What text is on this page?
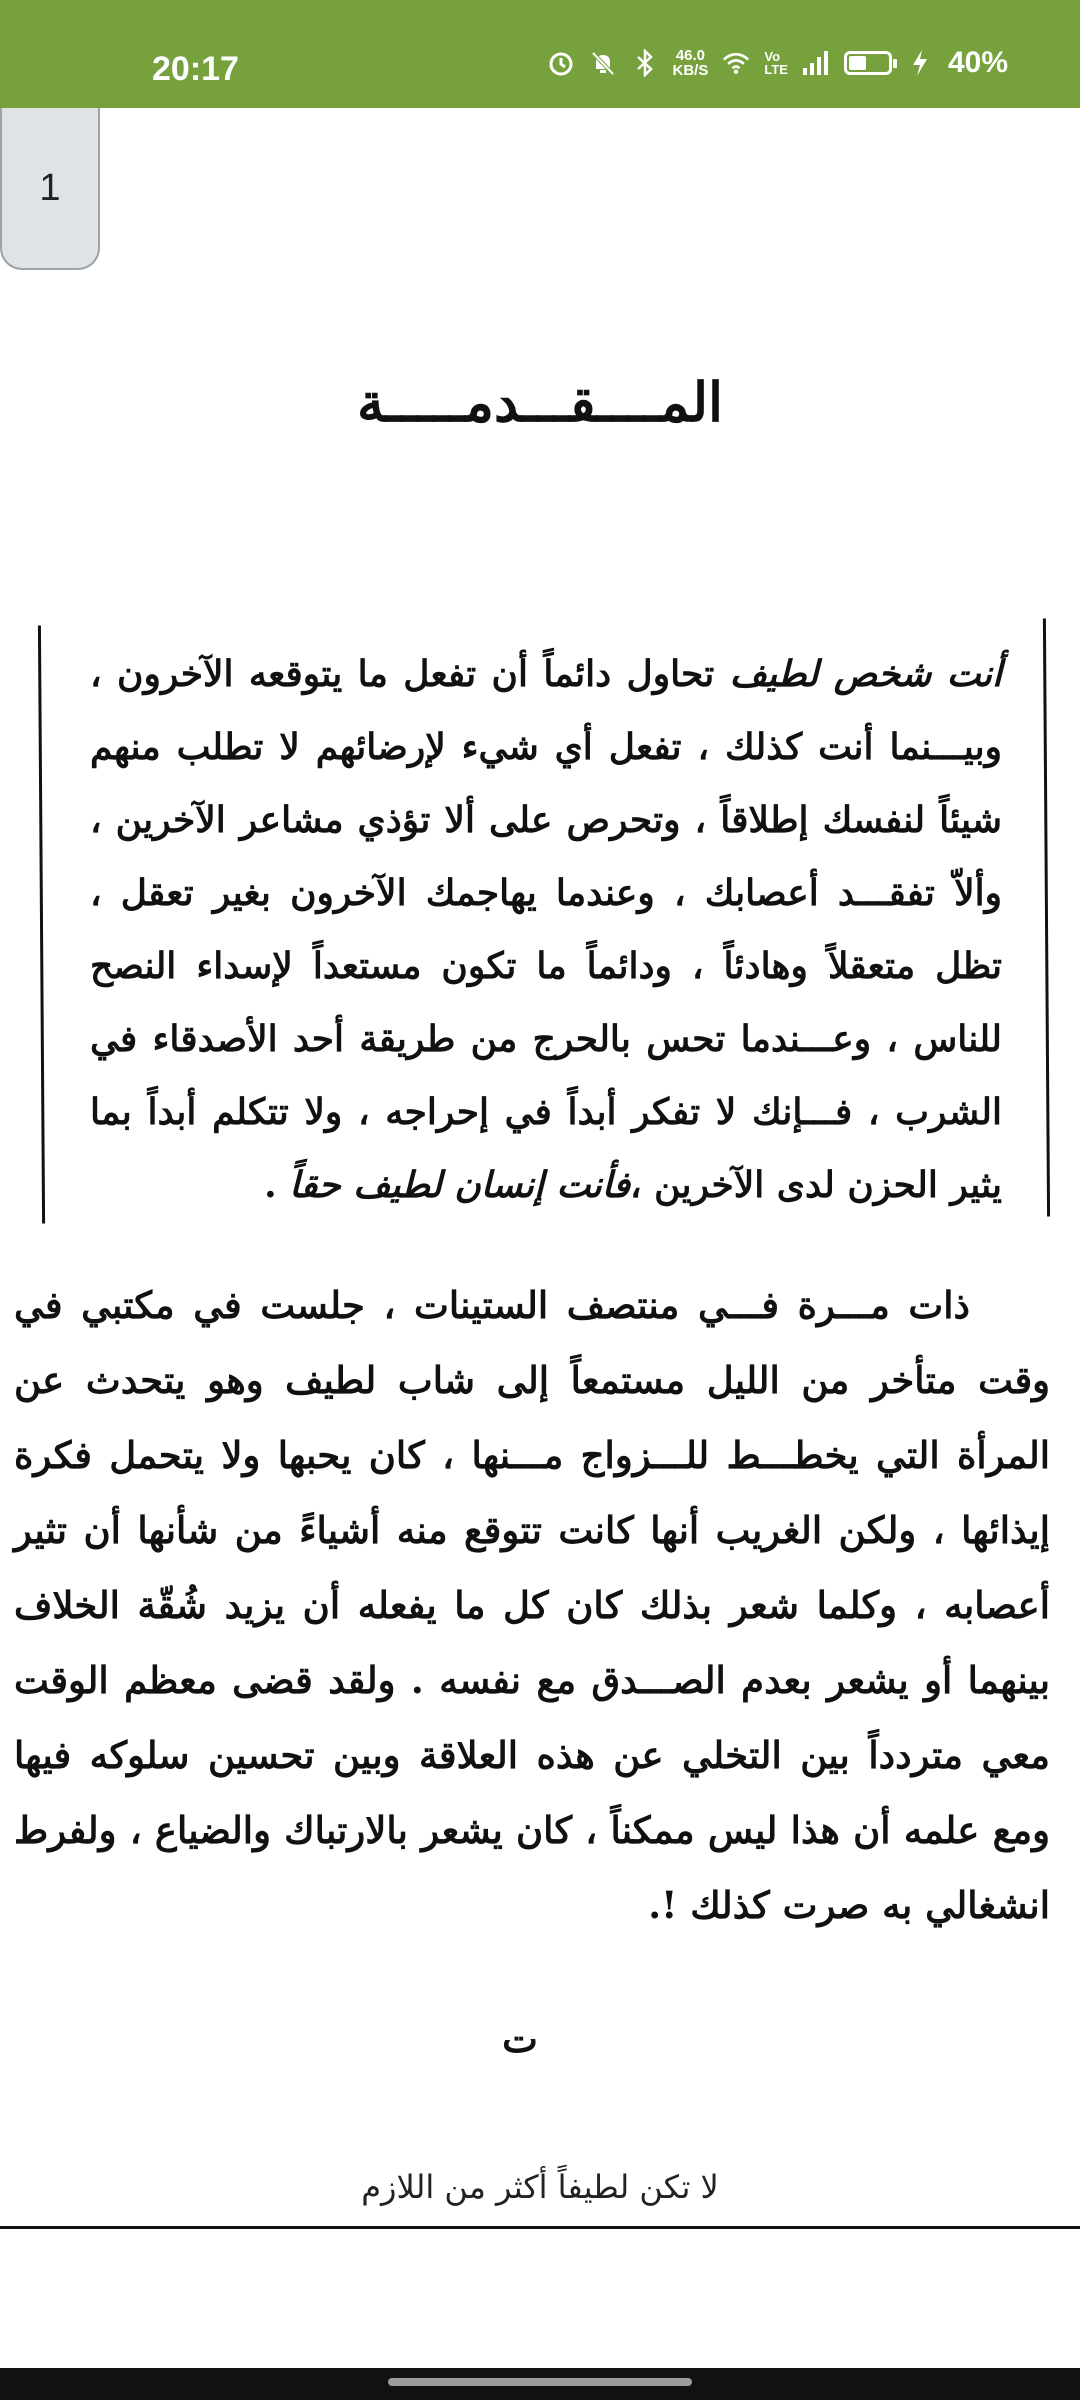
20:17	46.0
KB/S
Vo
LTE	40%
1
المــــقـــدمـــــة
أنت شخص لطيف تحاول دائماً أن تفعل ما يتوقعه الآخرون ، وبيـــنما أنت كذلك ، تفعل أي شيء لإرضائهم لا تطلب منهم شيئاً لنفسك إطلاقاً ، وتحرص على ألا تؤذي مشاعر الآخرين ، وألاّ تفقـــد أعصابك ، وعندما يهاجمك الآخرون بغير تعقل ، تظل متعقلاً وهادئاً ، ودائماً ما تكون مستعداً لإسداء النصح للناس ، وعـــندما تحس بالحرج من طريقة أحد الأصدقاء في الشرب ، فـــإنك لا تفكر أبداً في إحراجه ، ولا تتكلم أبداً بما يثير الحزن لدى الآخرين ،فأنت إنسان لطيف حقاً .
ذات مـــرة فـــي منتصف الستينات ، جلست في مكتبي في وقت متأخر من الليل مستمعاً إلى شاب لطيف وهو يتحدث عن المرأة التي يخطـــط للـــزواج مـــنها ، كان يحبها ولا يتحمل فكرة إيذائها ، ولكن الغريب أنها كانت تتوقع منه أشياءً من شأنها أن تثير أعصابه ، وكلما شعر بذلك كان كل ما يفعله أن يزيد شُقّة الخلاف بينهما أو يشعر بعدم الصـــدق مع نفسه . ولقد قضى معظم الوقت معي متردداً بين التخلي عن هذه العلاقة وبين تحسين سلوكه فيها ومع علمه أن هذا ليس ممكناً ، كان يشعر بالارتباك والضياع ، ولفرط انشغالي به صرت كذلك !.
ت
لا تكن لطيفاً أكثر من اللازم
